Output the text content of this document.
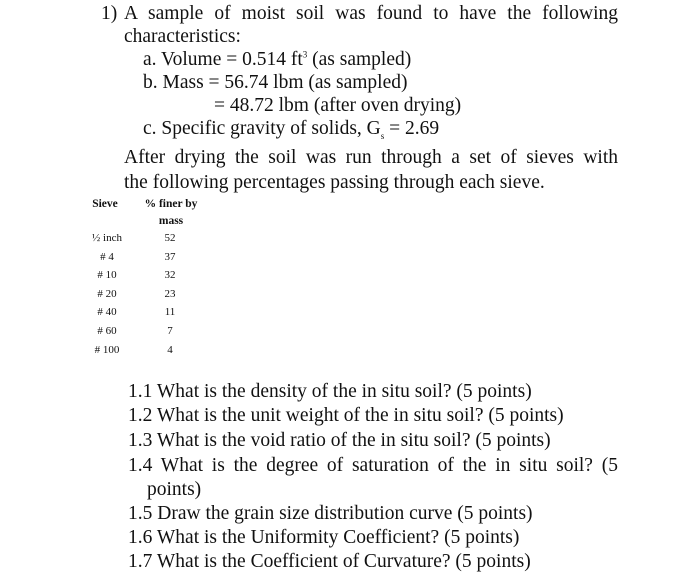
1) A sample of moist soil was found to have the following
characteristics:
a. Volume = 0.514 $ft^3$ (as sampled)
b. Mass = 56.74 lbm (as sampled)
= 48.72 lbm (after oven drying)
c. Specific gravity of solids, $G_s = 2.69$
After drying the soil was run through a set of sieves with
the following percentages passing through each sieve.
Sieve	% finer by
mass
½ inch	52
# 4	37
# 10	32
# 20	23
# 40	11
# 60	7
# 100	4
1.1 What is the density of the in situ soil? (5 points)
1.2 What is the unit weight of the in situ soil? (5 points)
1.3 What is the void ratio of the in situ soil? (5 points)
1.4 What is the degree of saturation of the in situ soil? (5
points)
1.5 Draw the grain size distribution curve (5 points)
1.6 What is the Uniformity Coefficient? (5 points)
1.7 What is the Coefficient of Curvature? (5 points)
